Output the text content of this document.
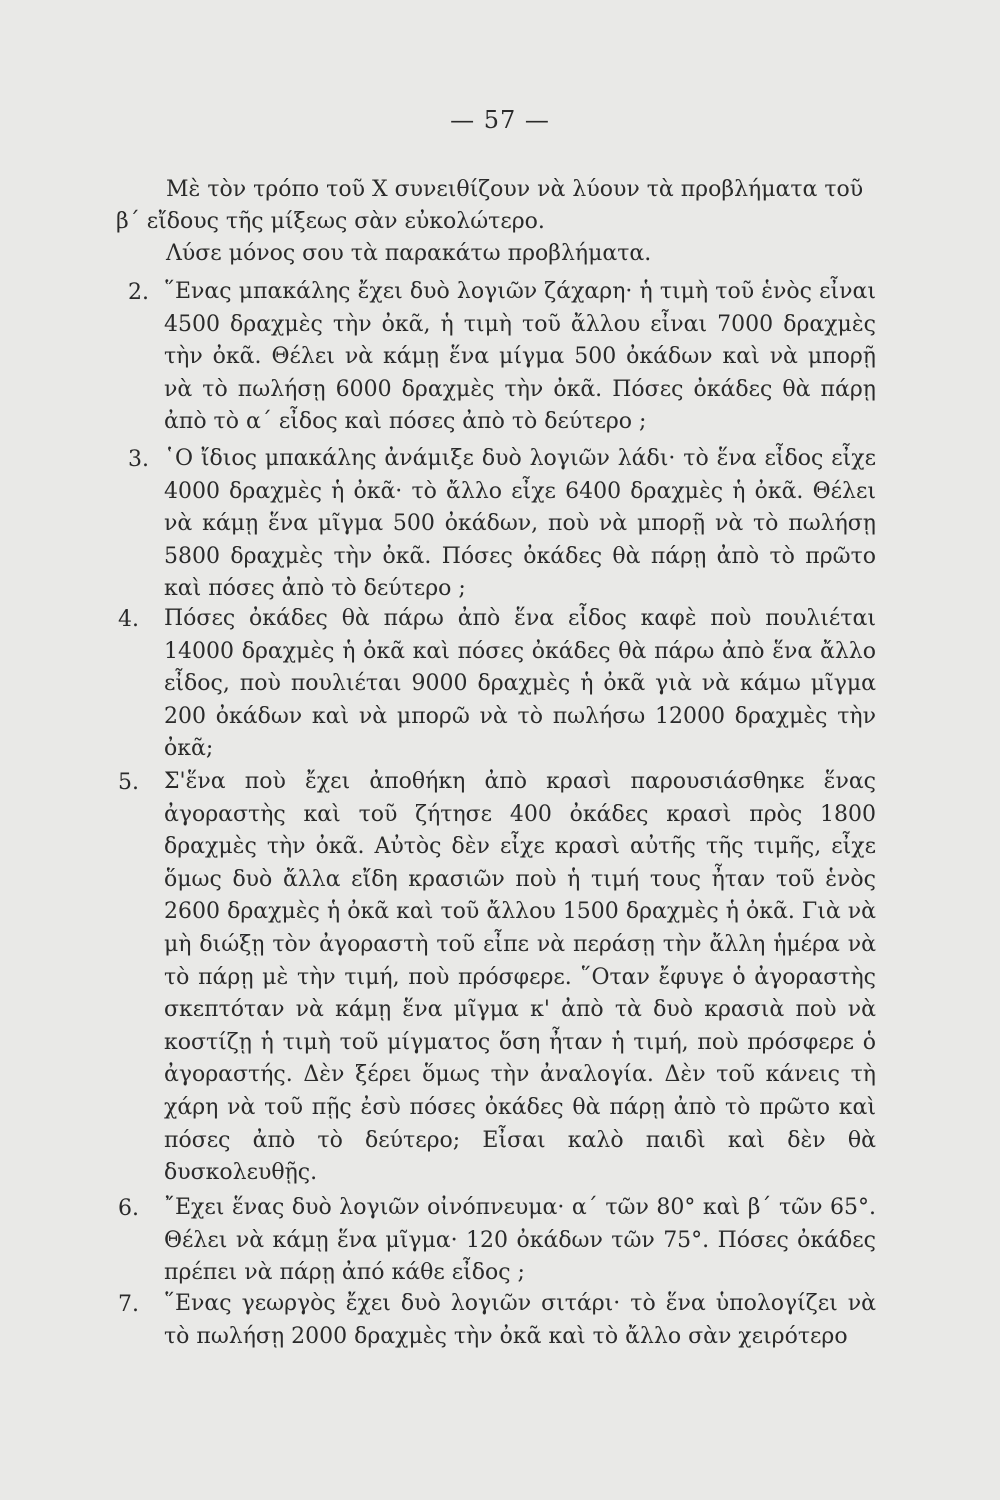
— 57 —
Μὲ τὸν τρόπο τοῦ Χ συνειθίζουν νὰ λύουν τὰ προβλήματα τοῦ
β΄ εἴδους τῆς μίξεως σὰν εὐκολώτερο.
Λύσε μόνος σου τὰ παρακάτω προβλήματα.
2. ῞Ενας μπακάλης ἔχει δυὸ λογιῶν ζάχαρη· ἡ τιμὴ τοῦ ἑνὸς εἶναι 4500 δραχμὲς τὴν ὀκᾶ, ἡ τιμὴ τοῦ ἄλλου εἶναι 7000 δραχμὲς τὴν ὀκᾶ. Θέλει νὰ κάμῃ ἕνα μίγμα 500 ὀκάδων καὶ νὰ μπορῇ νὰ τὸ πωλήσῃ 6000 δραχμὲς τὴν ὀκᾶ. Πόσες ὀκάδες θὰ πάρῃ ἀπὸ τὸ α΄ εἶδος καὶ πόσες ἀπὸ τὸ δεύτερο ;
3. ῾Ο ἴδιος μπακάλης ἀνάμιξε δυὸ λογιῶν λάδι· τὸ ἕνα εἶδος εἶχε 4000 δραχμὲς ἡ ὀκᾶ· τὸ ἄλλο εἶχε 6400 δραχμὲς ἡ ὀκᾶ. Θέλει νὰ κάμῃ ἕνα μῖγμα 500 ὀκάδων, ποὺ νὰ μπορῇ νὰ τὸ πωλήσῃ 5800 δραχμὲς τὴν ὀκᾶ. Πόσες ὀκάδες θὰ πάρῃ ἀπὸ τὸ πρῶτο καὶ πόσες ἀπὸ τὸ δεύτερο ;
4.	Πόσες ὀκάδες θὰ πάρω ἀπὸ ἕνα εἶδος καφὲ ποὺ πουλιέται 14000 δραχμὲς ἡ ὀκᾶ καὶ πόσες ὀκάδες θὰ πάρω ἀπὸ ἕνα ἄλλο εἶδος, ποὺ πουλιέται 9000 δραχμὲς ἡ ὀκᾶ γιὰ νὰ κάμω μῖγμα 200 ὀκάδων καὶ νὰ μπορῶ νὰ τὸ πωλήσω 12000 δραχμὲς τὴν ὀκᾶ;
5.	Σ'ἕνα ποὺ ἔχει ἀποθήκη ἀπὸ κρασὶ παρουσιάσθηκε ἕνας ἀγοραστὴς καὶ τοῦ ζήτησε 400 ὀκάδες κρασὶ πρὸς 1800 δραχμὲς τὴν ὀκᾶ. Αὐτὸς δὲν εἶχε κρασὶ αὐτῆς τῆς τιμῆς, εἶχε ὅμως δυὸ ἄλλα εἴδη κρασιῶν ποὺ ἡ τιμή τους ἦταν τοῦ ἑνὸς 2600 δραχμὲς ἡ ὀκᾶ καὶ τοῦ ἄλλου 1500 δραχμὲς ἡ ὀκᾶ. Γιὰ νὰ μὴ διώξῃ τὸν ἀγοραστὴ τοῦ εἶπε νὰ περάσῃ τὴν ἄλλη ἡμέρα νὰ τὸ πάρῃ μὲ τὴν τιμή, ποὺ πρόσφερε. ῞Οταν ἔφυγε ὁ ἀγοραστὴς σκεπτόταν νὰ κάμῃ ἕνα μῖγμα κ' ἀπὸ τὰ δυὸ κρασιὰ ποὺ νὰ κοστίζῃ ἡ τιμὴ τοῦ μίγματος ὅση ἦταν ἡ τιμή, ποὺ πρόσφερε ὁ ἀγοραστής. Δὲν ξέρει ὅμως τὴν ἀναλογία. Δὲν τοῦ κάνεις τὴ χάρη νὰ τοῦ πῇς ἐσὺ πόσες ὀκάδες θὰ πάρῃ ἀπὸ τὸ πρῶτο καὶ πόσες ἀπὸ τὸ δεύτερο; Εἶσαι καλὸ παιδὶ καὶ δὲν θὰ δυσκολευθῇς.
6.	῎Εχει ἕνας δυὸ λογιῶν οἰνόπνευμα· α΄ τῶν 80° καὶ β΄ τῶν 65°. Θέλει νὰ κάμῃ ἕνα μῖγμα· 120 ὀκάδων τῶν 75°. Πόσες ὀκάδες πρέπει νὰ πάρῃ ἀπό κάθε εἶδος ;
7.	῞Ενας γεωργὸς ἔχει δυὸ λογιῶν σιτάρι· τὸ ἕνα ὑπολογίζει νὰ τὸ πωλήσῃ 2000 δραχμὲς τὴν ὀκᾶ καὶ τὸ ἄλλο σὰν χειρότερο
